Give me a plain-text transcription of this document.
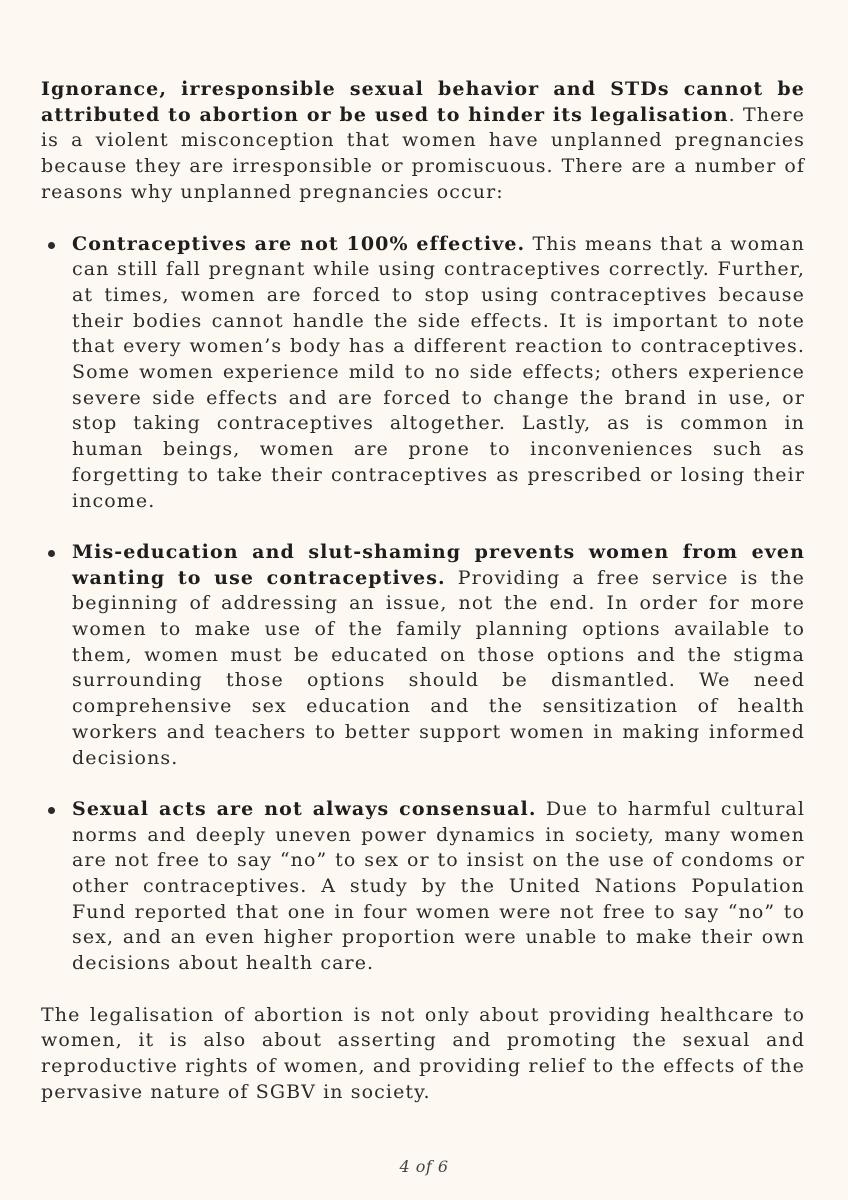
Ignorance, irresponsible sexual behavior and STDs cannot be attributed to abortion or be used to hinder its legalisation. There is a violent misconception that women have unplanned pregnancies because they are irresponsible or promiscuous. There are a number of reasons why unplanned pregnancies occur:

Contraceptives are not 100% effective. This means that a woman can still fall pregnant while using contraceptives correctly. Further, at times, women are forced to stop using contraceptives because their bodies cannot handle the side effects. It is important to note that every women’s body has a different reaction to contraceptives. Some women experience mild to no side effects; others experience severe side effects and are forced to change the brand in use, or stop taking contraceptives altogether. Lastly, as is common in human beings, women are prone to inconveniences such as forgetting to take their contraceptives as prescribed or losing their income.
Mis-education and slut-shaming prevents women from even wanting to use contraceptives. Providing a free service is the beginning of addressing an issue, not the end. In order for more women to make use of the family planning options available to them, women must be educated on those options and the stigma surrounding those options should be dismantled. We need comprehensive sex education and the sensitization of health workers and teachers to better support women in making informed decisions.
Sexual acts are not always consensual. Due to harmful cultural norms and deeply uneven power dynamics in society, many women are not free to say “no” to sex or to insist on the use of condoms or other contraceptives. A study by the United Nations Population Fund reported that one in four women were not free to say “no” to sex, and an even higher proportion were unable to make their own decisions about health care.

The legalisation of abortion is not only about providing healthcare to women, it is also about asserting and promoting the sexual and reproductive rights of women, and providing relief to the effects of the pervasive nature of SGBV in society.

4 of 6
